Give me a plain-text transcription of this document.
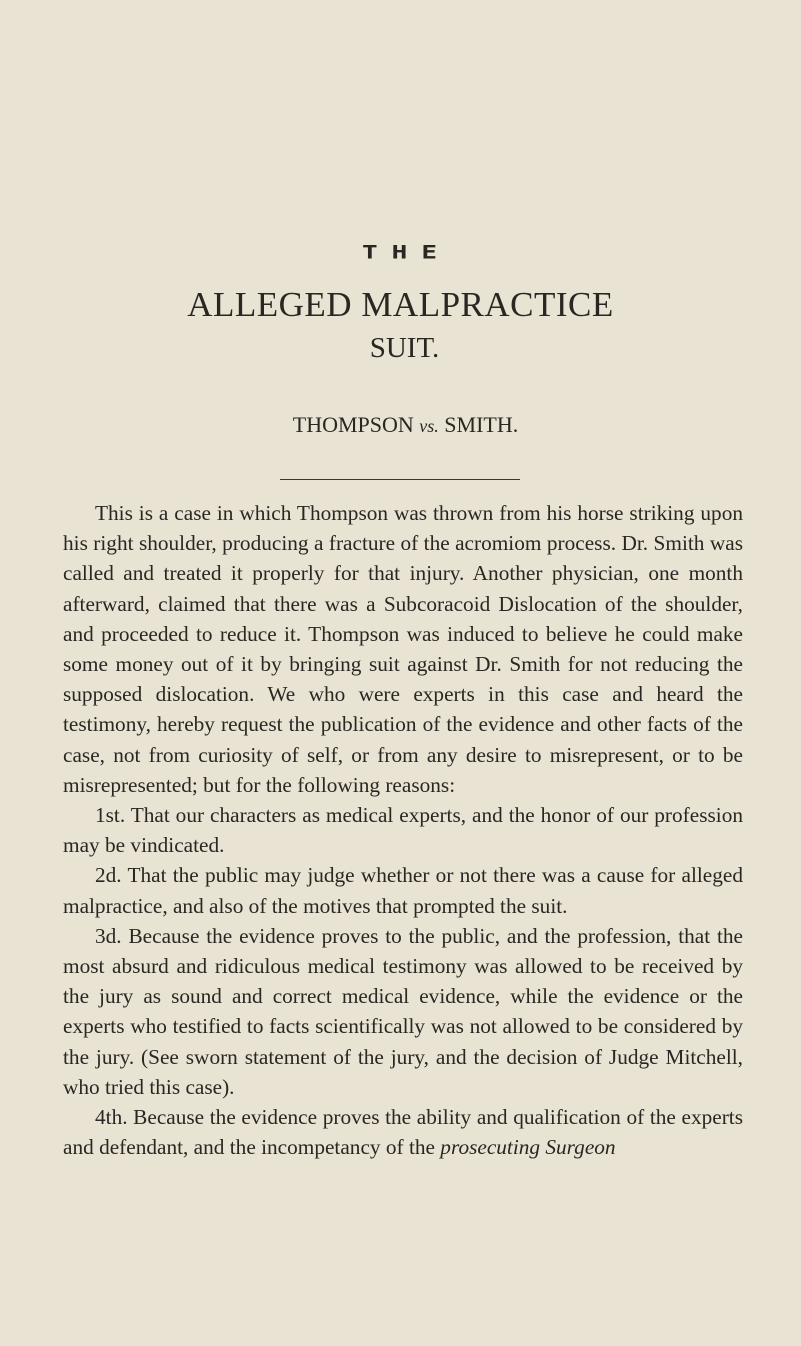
THE
ALLEGED MALPRACTICE
SUIT.
THOMPSON vs. SMITH.

This is a case in which Thompson was thrown from his horse striking upon his right shoulder, producing a fracture of the acromiom process. Dr. Smith was called and treated it properly for that injury. Another physician, one month afterward, claimed that there was a Subcoracoid Dislocation of the shoulder, and proceeded to reduce it. Thompson was induced to believe he could make some money out of it by bringing suit against Dr. Smith for not reducing the supposed dislocation. We who were experts in this case and heard the testimony, hereby request the publication of the evidence and other facts of the case, not from curiosity of self, or from any desire to misrepresent, or to be misrepresented; but for the following reasons:

1st. That our characters as medical experts, and the honor of our profession may be vindicated.

2d. That the public may judge whether or not there was a cause for alleged malpractice, and also of the motives that prompted the suit.

3d. Because the evidence proves to the public, and the profession, that the most absurd and ridiculous medical testimony was allowed to be received by the jury as sound and correct medical evidence, while the evidence or the experts who testified to facts scientifically was not allowed to be considered by the jury. (See sworn statement of the jury, and the decision of Judge Mitchell, who tried this case).

4th. Because the evidence proves the ability and qualification of the experts and defendant, and the incompetancy of the prosecuting Surgeon
